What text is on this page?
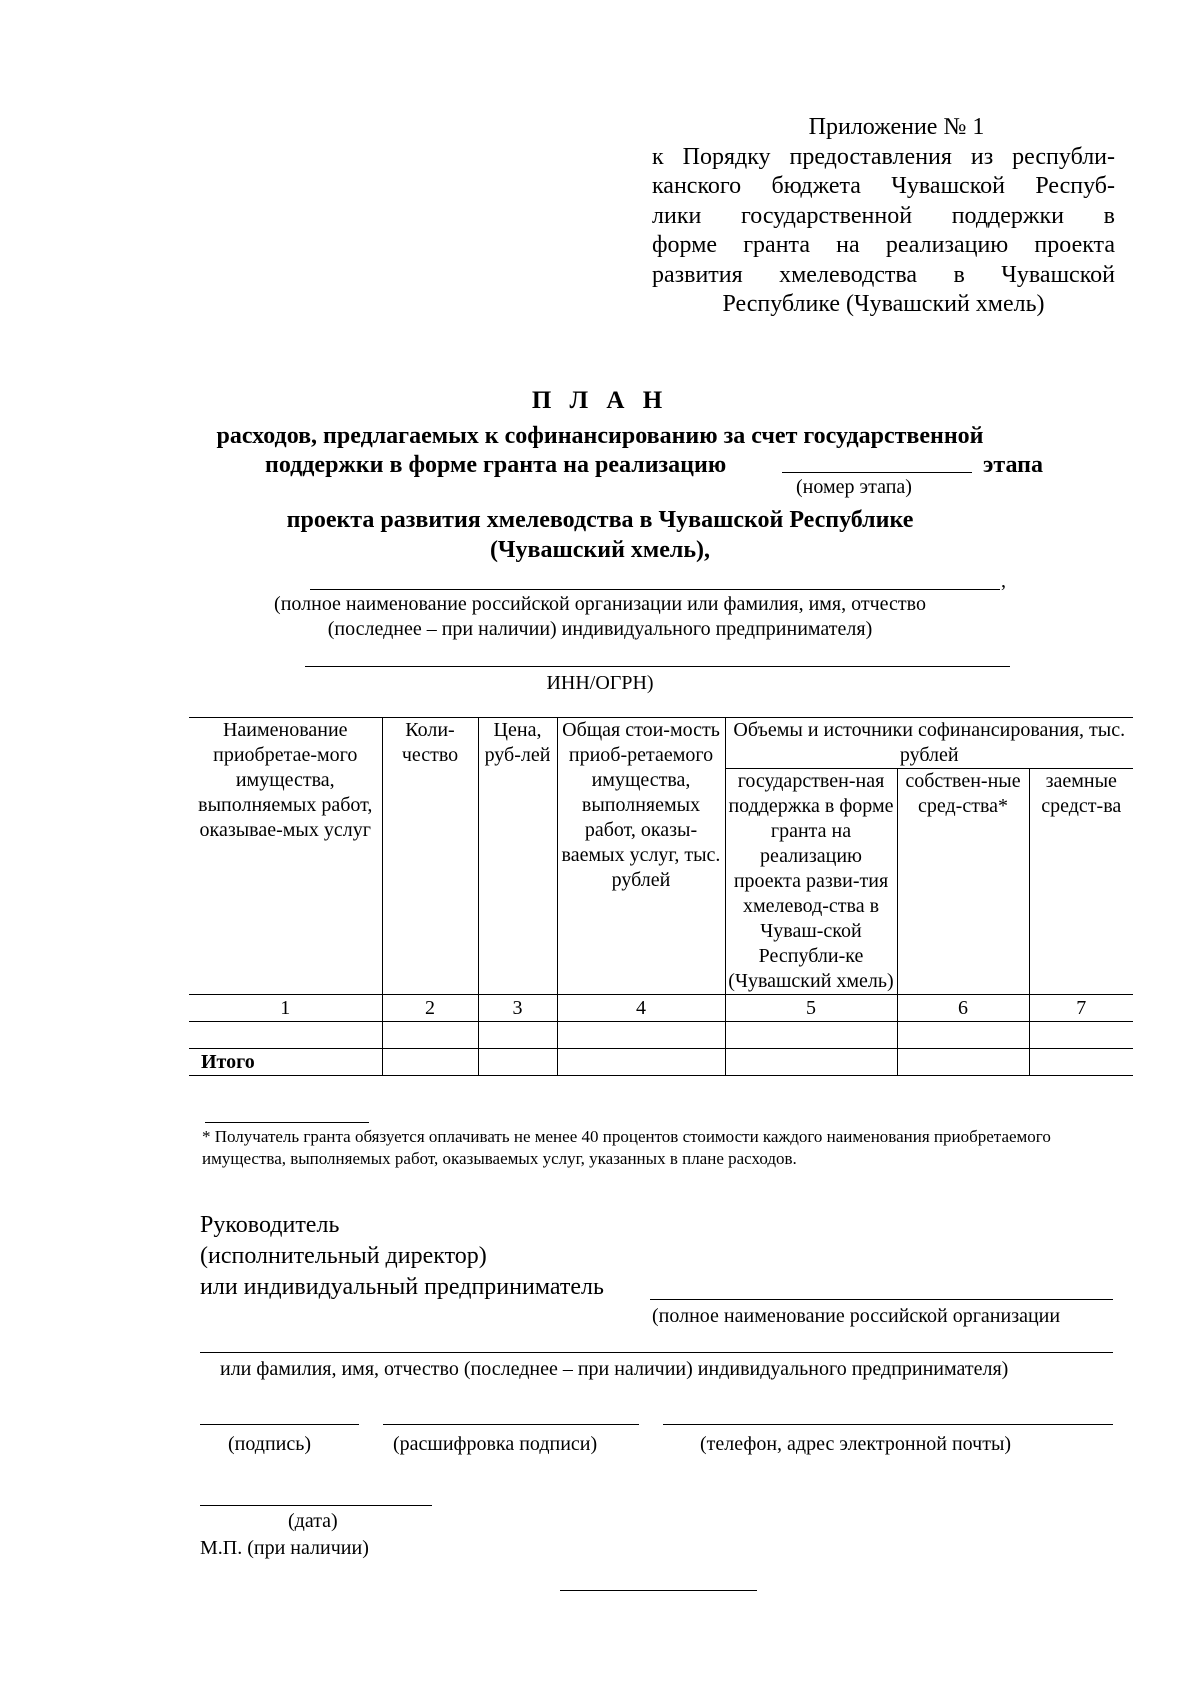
Приложение № 1
к Порядку предоставления из республи-
канского бюджета Чувашской Респуб-
лики государственной поддержки в
форме гранта на реализацию проекта
развития хмелеводства в Чувашской
Республике (Чувашский хмель)
П Л А Н
расходов, предлагаемых к софинансированию за счет государственной
поддержки в форме гранта на реализацию	этапа
(номер этапа)
проекта развития хмелеводства в Чувашской Республике
(Чувашский хмель),
,
(полное наименование российской организации или фамилия, имя, отчество
(последнее – при наличии) индивидуального предпринимателя)
ИНН/ОГРН)
Наименование приобретае-мого имущества, выполняемых работ, оказывае-мых услуг	Коли-чество	Цена, руб-лей	Общая стои-мость приоб-ретаемого имущества, выполняемых работ, оказы-ваемых услуг, тыс. рублей	Объемы и источники софинансирования, тыс. рублей		
				государствен-ная поддержка в форме гранта на реализацию проекта разви-тия хмелевод-ства в Чуваш-ской Республи-ке (Чувашский хмель)	собствен-ные сред-ства*	заемные средст-ва
1	2	3	4	5	6	7

Итого						
* Получатель гранта обязуется оплачивать не менее 40 процентов стоимости каждого наименования приобретаемого имущества, выполняемых работ, оказываемых услуг, указанных в плане расходов.
Руководитель
(исполнительный директор)
или индивидуальный предприниматель
(полное наименование российской организации
или фамилия, имя, отчество (последнее – при наличии) индивидуального предпринимателя)
(подпись)	(расшифровка подписи)	(телефон, адрес электронной почты)
(дата)
М.П. (при наличии)
